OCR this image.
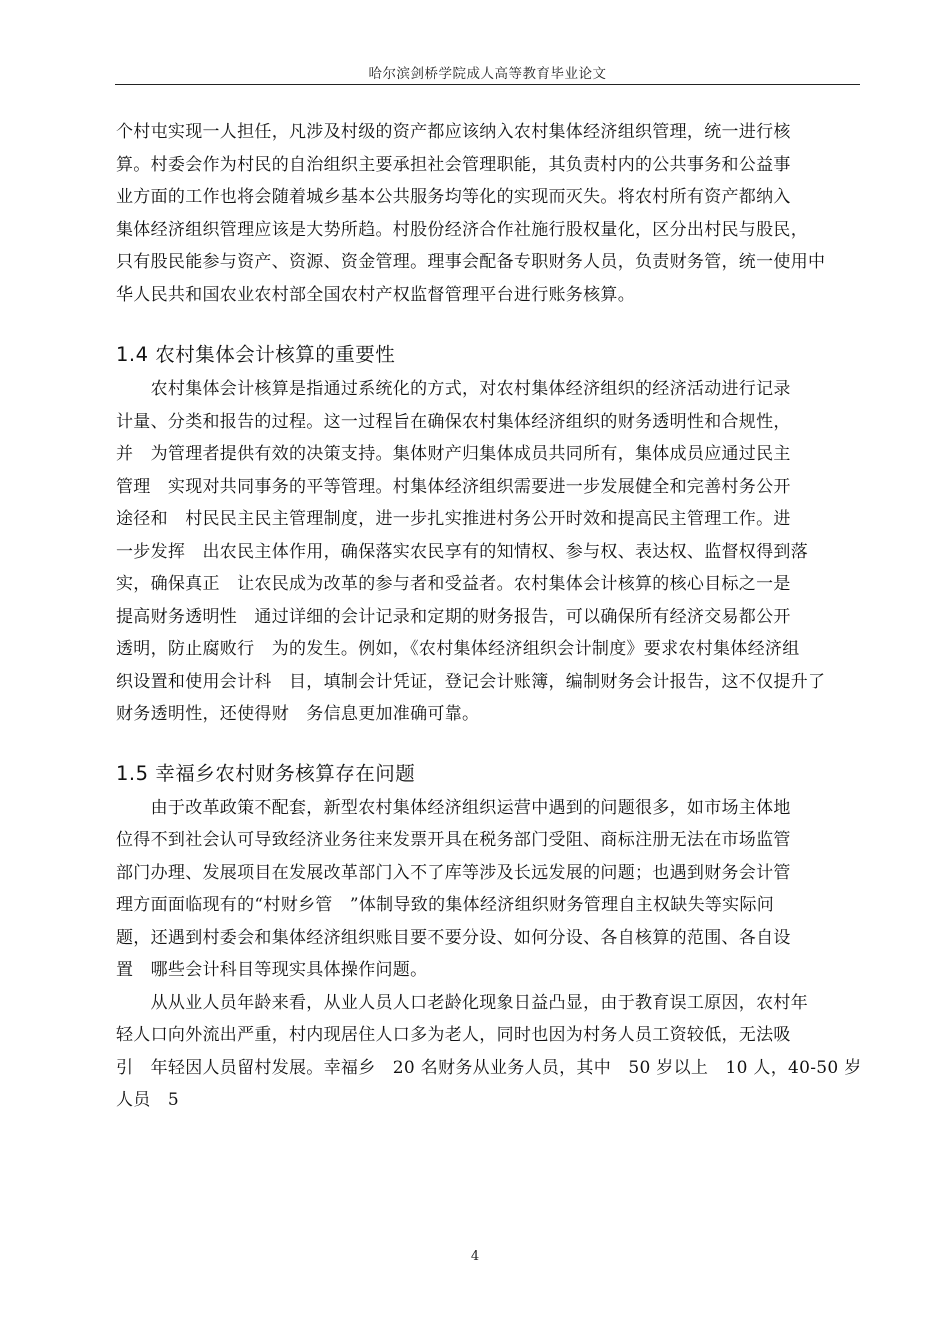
哈尔滨剑桥学院成人高等教育毕业论文
个村屯实现一人担任，凡涉及村级的资产都应该纳入农村集体经济组织管理，统一进行核
算。村委会作为村民的自治组织主要承担社会管理职能，其负责村内的公共事务和公益事
业方面的工作也将会随着城乡基本公共服务均等化的实现而灭失。将农村所有资产都纳入
集体经济组织管理应该是大势所趋。村股份经济合作社施行股权量化，区分出村民与股民，
只有股民能参与资产、资源、资金管理。理事会配备专职财务人员，负责财务管，统一使用中
华人民共和国农业农村部全国农村产权监督管理平台进行账务核算。
1.4 农村集体会计核算的重要性
　　农村集体会计核算是指通过系统化的方式，对农村集体经济组织的经济活动进行记录
计量、分类和报告的过程。这一过程旨在确保农村集体经济组织的财务透明性和合规性，
并　为管理者提供有效的决策支持。集体财产归集体成员共同所有，集体成员应通过民主
管理　实现对共同事务的平等管理。村集体经济组织需要进一步发展健全和完善村务公开
途径和　村民民主民主管理制度，进一步扎实推进村务公开时效和提高民主管理工作。进
一步发挥　出农民主体作用，确保落实农民享有的知情权、参与权、表达权、监督权得到落
实，确保真正　让农民成为改革的参与者和受益者。农村集体会计核算的核心目标之一是
提高财务透明性　通过详细的会计记录和定期的财务报告，可以确保所有经济交易都公开
透明，防止腐败行　为的发生。例如，《农村集体经济组织会计制度》要求农村集体经济组
织设置和使用会计科　目，填制会计凭证，登记会计账簿，编制财务会计报告，这不仅提升了
财务透明性，还使得财　务信息更加准确可靠。
1.5 幸福乡农村财务核算存在问题
　　由于改革政策不配套，新型农村集体经济组织运营中遇到的问题很多，如市场主体地
位得不到社会认可导致经济业务往来发票开具在税务部门受阻、商标注册无法在市场监管
部门办理、发展项目在发展改革部门入不了库等涉及长远发展的问题；也遇到财务会计管
理方面面临现有的“村财乡管　”体制导致的集体经济组织财务管理自主权缺失等实际问
题，还遇到村委会和集体经济组织账目要不要分设、如何分设、各自核算的范围、各自设
置　哪些会计科目等现实具体操作问题。
　　从从业人员年龄来看，从业人员人口老龄化现象日益凸显，由于教育误工原因，农村年
轻人口向外流出严重，村内现居住人口多为老人，同时也因为村务人员工资较低，无法吸
引　年轻因人员留村发展。幸福乡　20 名财务从业务人员，其中　50 岁以上　10 人，40-50 岁
人员　5
4
